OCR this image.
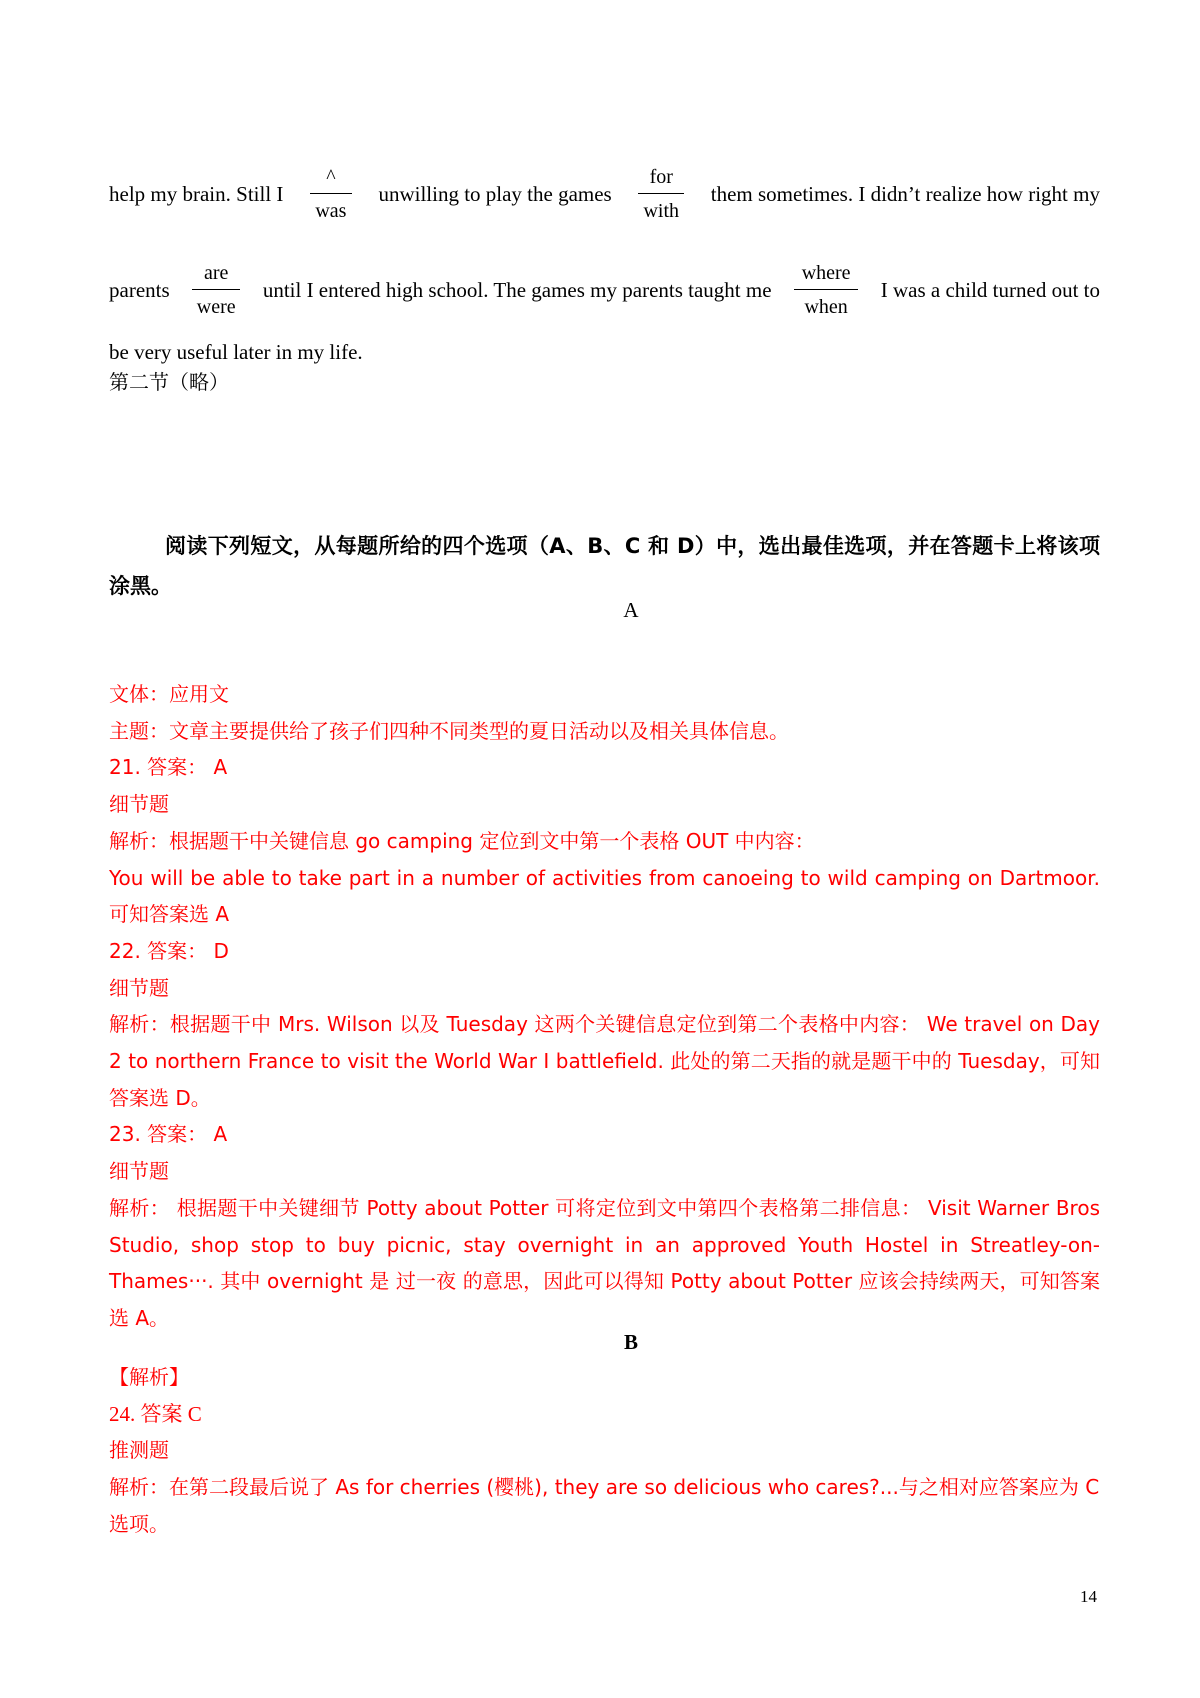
help my brain. Still I $\frac{\^{}}{\text{was}}$ unwilling to play the games $\frac{\text{for}}{\text{with}}$ them sometimes. I didn’t realize how right my
parents $\frac{\text{are}}{\text{were}}$ until I entered high school. The games my parents taught me $\frac{\text{where}}{\text{when}}$ I was a child turned out to
be very useful later in my life.
第二节（略）
阅读下列短文，从每题所给的四个选项（A、B、C 和 D）中，选出最佳选项，并在答题卡上将该项涂黑。
A
文体：应用文
主题：文章主要提供给了孩子们四种不同类型的夏日活动以及相关具体信息。
21. 答案： A
细节题
解析：根据题干中关键信息 go camping 定位到文中第一个表格 OUT 中内容：
You will be able to take part in a number of activities from canoeing to wild camping on Dartmoor.
可知答案选 A
22. 答案： D
细节题
解析：根据题干中 Mrs. Wilson 以及 Tuesday 这两个关键信息定位到第二个表格中内容： We travel on Day 2 to northern France to visit the World War I battlefield. 此处的第二天指的就是题干中的 Tuesday，可知答案选 D。
23. 答案： A
细节题
解析： 根据题干中关键细节 Potty about Potter 可将定位到文中第四个表格第二排信息： Visit Warner Bros Studio, shop stop to buy picnic, stay overnight in an approved Youth Hostel in Streatley-on-Thames···. 其中 overnight 是 过一夜 的意思，因此可以得知 Potty about Potter 应该会持续两天，可知答案选 A。
B
【解析】
24. 答案 C
推测题
解析：在第二段最后说了 As for cherries (樱桃), they are so delicious who cares?...与之相对应答案应为 C 选项。
14
